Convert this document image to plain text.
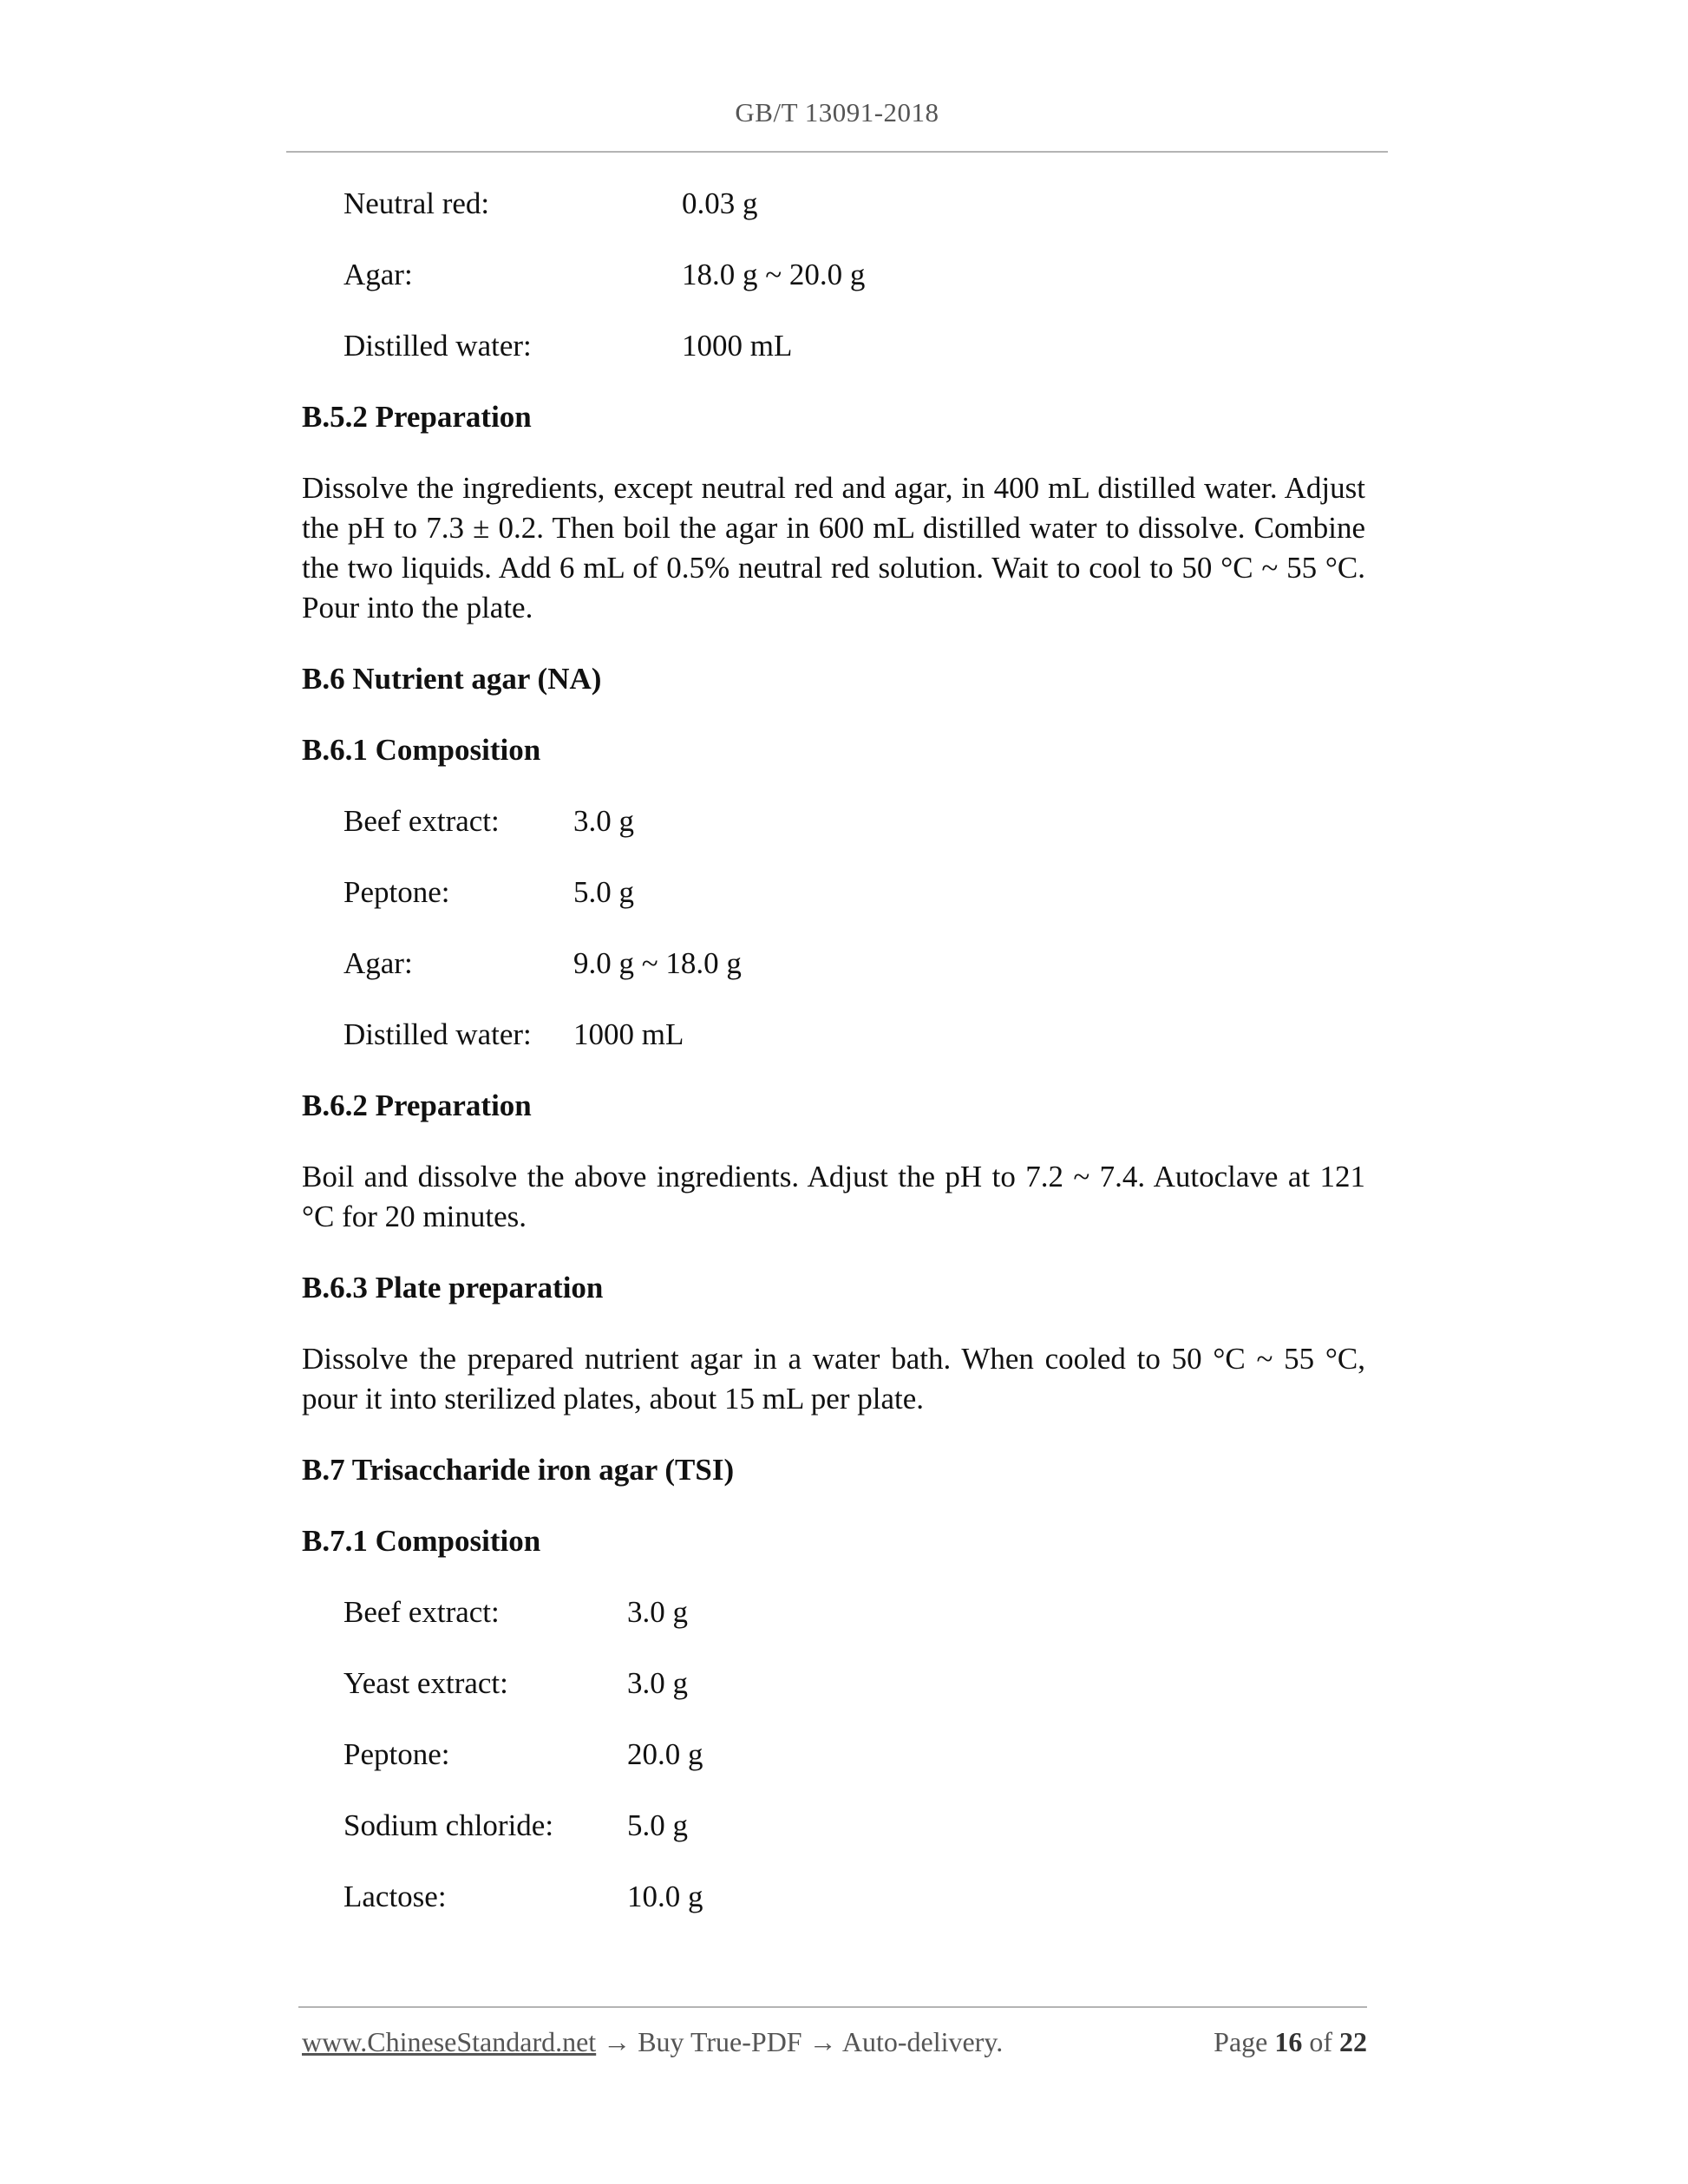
GB/T 13091-2018
Neutral red:	0.03 g
Agar:	18.0 g ~ 20.0 g
Distilled water:	1000 mL
B.5.2 Preparation

Dissolve the ingredients, except neutral red and agar, in 400 mL distilled water. Adjust the pH to 7.3 ± 0.2. Then boil the agar in 600 mL distilled water to dissolve. Combine the two liquids. Add 6 mL of 0.5% neutral red solution. Wait to cool to 50 °C ~ 55 °C. Pour into the plate.

B.6 Nutrient agar (NA)
B.6.1 Composition
Beef extract:	3.0 g
Peptone:	5.0 g
Agar:	9.0 g ~ 18.0 g
Distilled water:	1000 mL
B.6.2 Preparation

Boil and dissolve the above ingredients. Adjust the pH to 7.2 ~ 7.4. Autoclave at 121 °C for 20 minutes.

B.6.3 Plate preparation

Dissolve the prepared nutrient agar in a water bath. When cooled to 50 °C ~ 55 °C, pour it into sterilized plates, about 15 mL per plate.

B.7 Trisaccharide iron agar (TSI)
B.7.1 Composition
Beef extract:	3.0 g
Yeast extract:	3.0 g
Peptone:	20.0 g
Sodium chloride:	5.0 g
Lactose:	10.0 g
www.ChineseStandard.net → Buy True-PDF → Auto-delivery.	Page 16 of 22
